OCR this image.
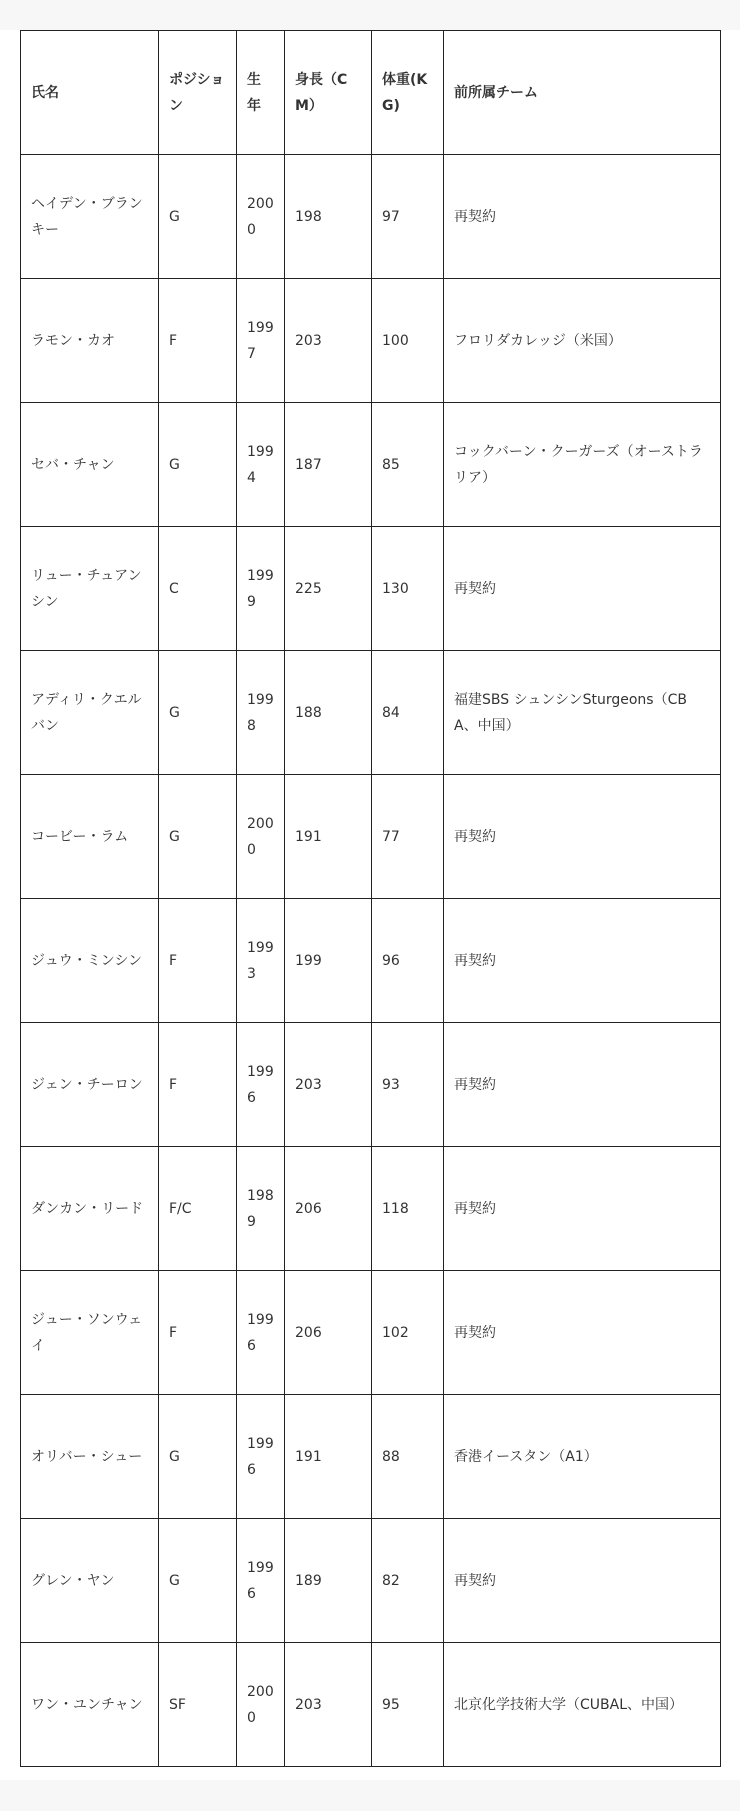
氏名	ポジション	生年	身長（CM）	体重(KG)	前所属チーム
ヘイデン・ブランキー	G	2000	198	97	再契約
ラモン・カオ	F	1997	203	100	フロリダカレッジ（米国）
セバ・チャン	G	1994	187	85	コックバーン・クーガーズ（オーストラリア）
リュー・チュアンシン	C	1999	225	130	再契約
アディリ・クエルバン	G	1998	188	84	福建SBS シュンシンSturgeons（CBA、中国）
コービー・ラム	G	2000	191	77	再契約
ジュウ・ミンシン	F	1993	199	96	再契約
ジェン・チーロン	F	1996	203	93	再契約
ダンカン・リード	F/C	1989	206	118	再契約
ジュー・ソンウェイ	F	1996	206	102	再契約
オリバー・シュー	G	1996	191	88	香港イースタン（A1）
グレン・ヤン	G	1996	189	82	再契約
ワン・ユンチャン	SF	2000	203	95	北京化学技術大学（CUBAL、中国）
